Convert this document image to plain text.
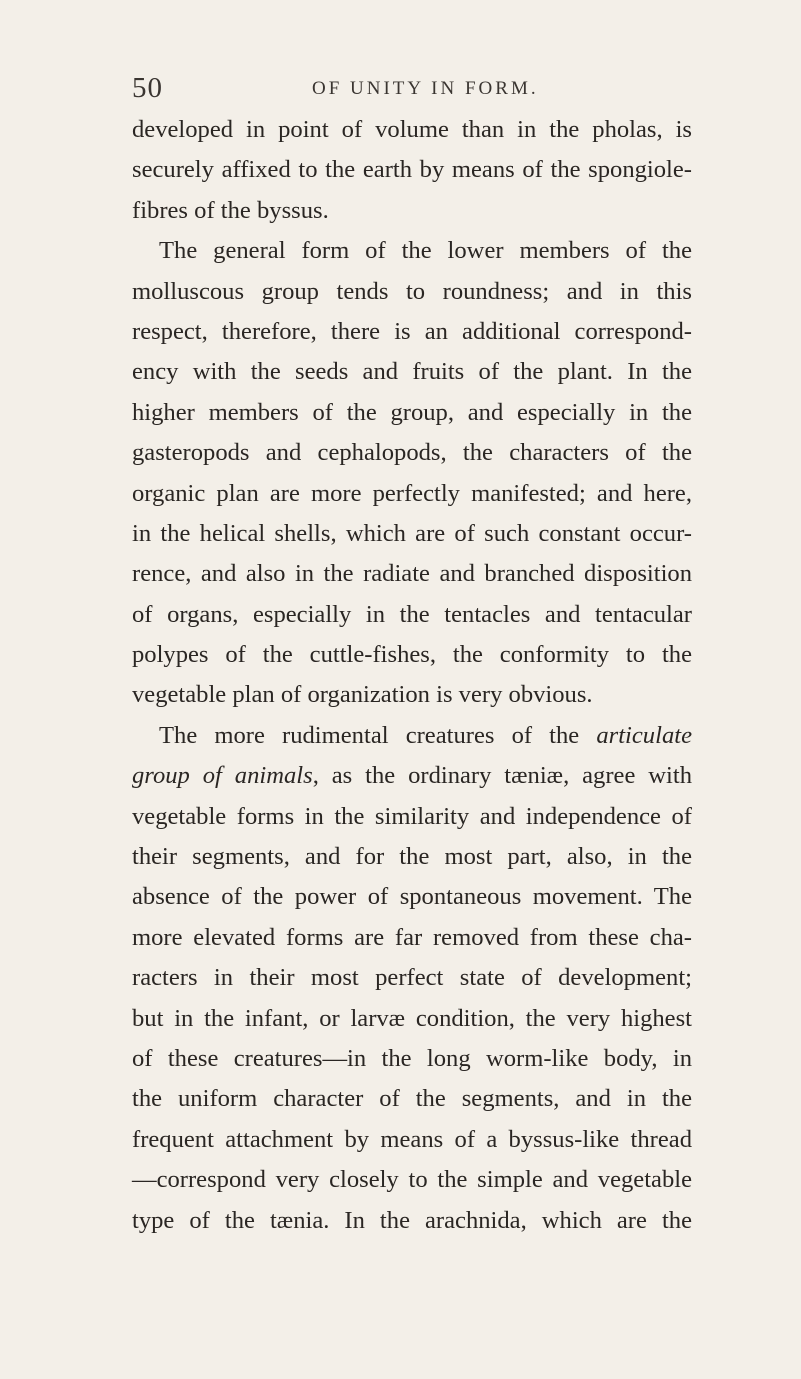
50	OF UNITY IN FORM.
developed in point of volume than in the pholas, is
securely affixed to the earth by means of the spongiole-
fibres of the byssus.
The general form of the lower members of the
molluscous group tends to roundness; and in this
respect, therefore, there is an additional correspond-
ency with the seeds and fruits of the plant. In the
higher members of the group, and especially in the
gasteropods and cephalopods, the characters of the
organic plan are more perfectly manifested; and here,
in the helical shells, which are of such constant occur-
rence, and also in the radiate and branched disposition
of organs, especially in the tentacles and tentacular
polypes of the cuttle-fishes, the conformity to the
vegetable plan of organization is very obvious.
The more rudimental creatures of the articulate
group of animals, as the ordinary tæniæ, agree with
vegetable forms in the similarity and independence of
their segments, and for the most part, also, in the
absence of the power of spontaneous movement. The
more elevated forms are far removed from these cha-
racters in their most perfect state of development;
but in the infant, or larvæ condition, the very highest
of these creatures—in the long worm-like body, in
the uniform character of the segments, and in the
frequent attachment by means of a byssus-like thread
—correspond very closely to the simple and vegetable
type of the tænia. In the arachnida, which are the
